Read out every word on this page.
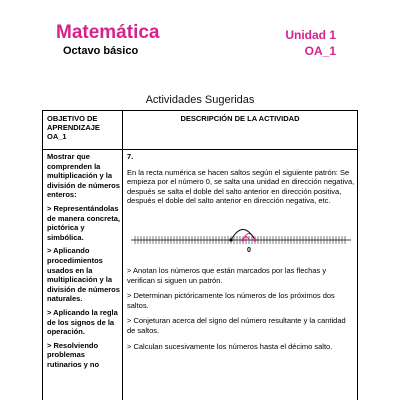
Matemática
Octavo básico
Unidad 1
OA_1
Actividades Sugeridas
OBJETIVO DE APRENDIZAJE OA_1
DESCRIPCIÓN DE LA ACTIVIDAD

Mostrar que comprenden la multiplicación y la división de números enteros:

> Representándolas de manera concreta, pictórica y simbólica.

> Aplicando procedimientos usados en la multiplicación y la división de números naturales.

> Aplicando la regla de los signos de la operación.

> Resolviendo problemas rutinarios y no

7.
En la recta numérica se hacen saltos según el siguiente patrón: Se empieza por el número 0, se salta una unidad en dirección negativa, después se salta el doble del salto anterior en dirección positiva, después el doble del salto anterior en dirección negativa, etc.
0
> Anotan los números que están marcados por las flechas y verifican si siguen un patrón.
> Determinan pictóricamente los números de los próximos dos saltos.
> Conjeturan acerca del signo del número resultante y la cantidad de saltos.
> Calculan sucesivamente los números hasta el décimo salto.
